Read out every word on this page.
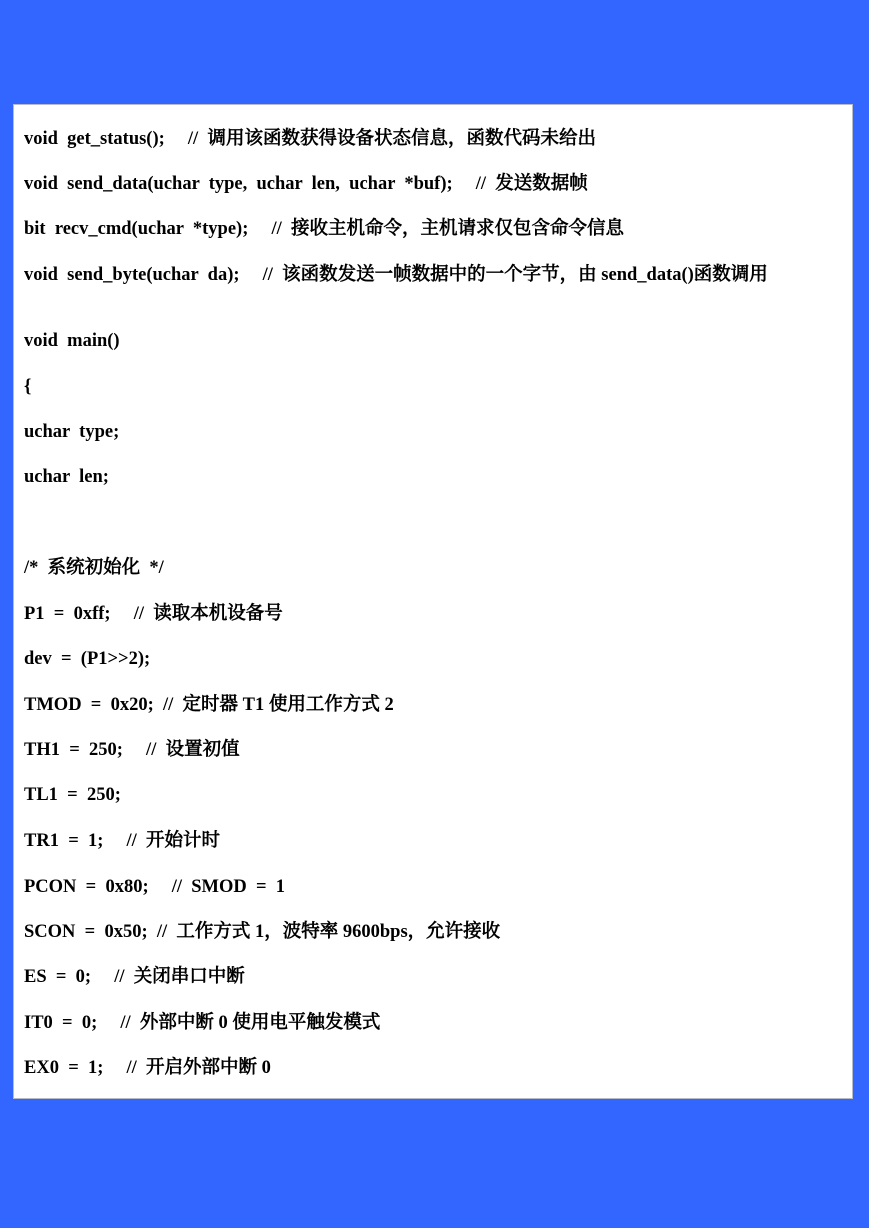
void  get_status();     //  调用该函数获得设备状态信息，函数代码未给出
void  send_data(uchar  type,  uchar  len,  uchar  *buf);     //  发送数据帧
bit  recv_cmd(uchar  *type);     //  接收主机命令，主机请求仅包含命令信息
void  send_byte(uchar  da);     //  该函数发送一帧数据中的一个字节，由 send_data()函数调用
void  main()
{
uchar  type;
uchar  len;
/*  系统初始化  */
P1  =  0xff;     //  读取本机设备号
dev  =  (P1>>2);
TMOD  =  0x20;  //  定时器 T1 使用工作方式 2
TH1  =  250;     //  设置初值
TL1  =  250;
TR1  =  1;     //  开始计时
PCON  =  0x80;     //  SMOD  =  1
SCON  =  0x50;  //  工作方式 1，波特率 9600bps，允许接收
ES  =  0;     //  关闭串口中断
IT0  =  0;     //  外部中断 0 使用电平触发模式
EX0  =  1;     //  开启外部中断 0
